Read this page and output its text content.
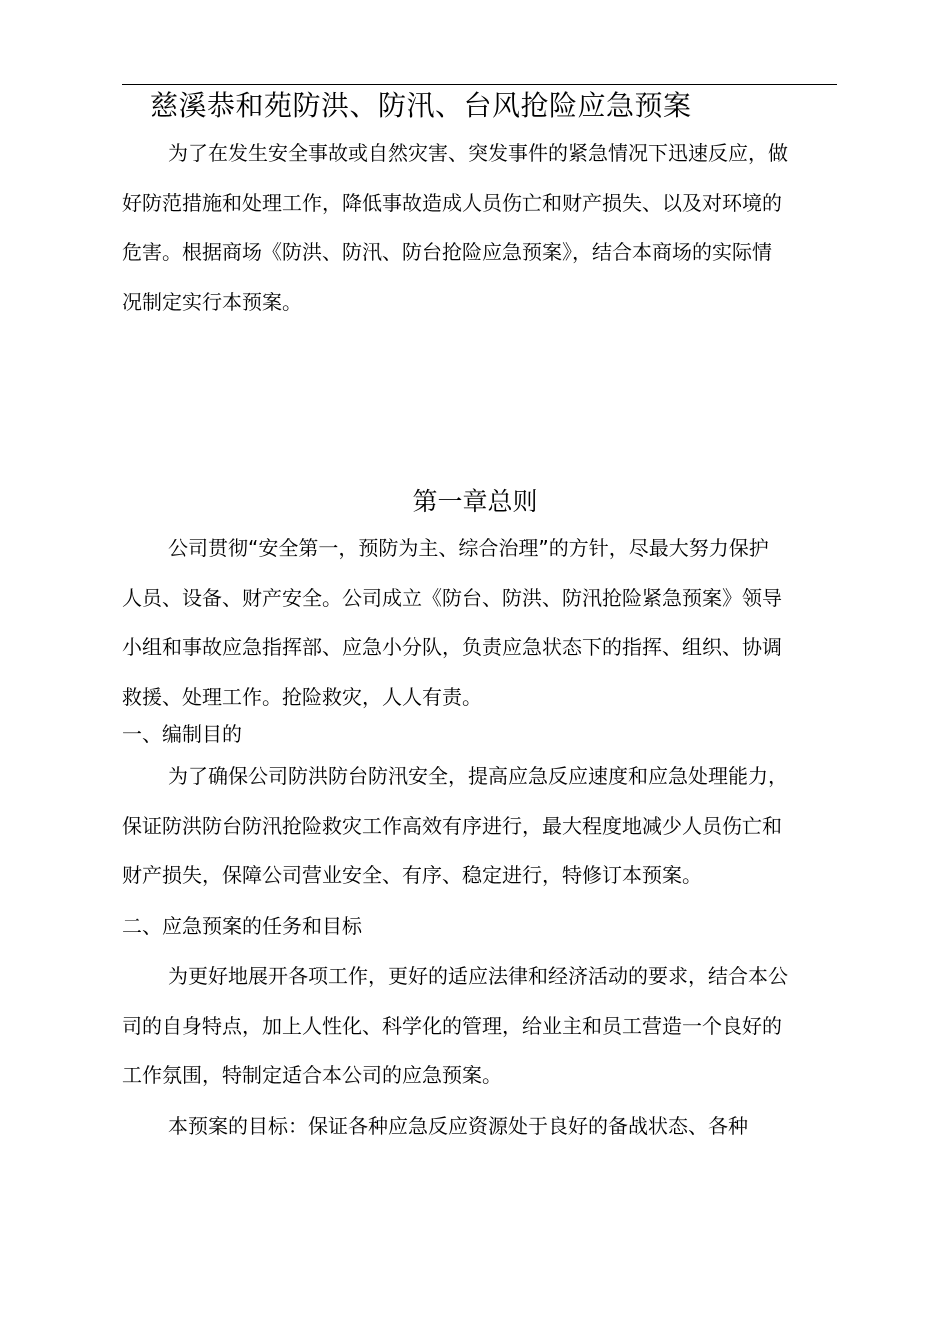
慈溪恭和苑防洪、防汛、台风抢险应急预案
为了在发生安全事故或自然灾害、突发事件的紧急情况下迅速反应，做
好防范措施和处理工作，降低事故造成人员伤亡和财产损失、以及对环境的
危害。根据商场《防洪、防汛、防台抢险应急预案》，结合本商场的实际情
况制定实行本预案。
第一章总则
公司贯彻“安全第一，预防为主、综合治理”的方针，尽最大努力保护
人员、设备、财产安全。公司成立《防台、防洪、防汛抢险紧急预案》领导
小组和事故应急指挥部、应急小分队，负责应急状态下的指挥、组织、协调
救援、处理工作。抢险救灾，人人有责。
一、编制目的
为了确保公司防洪防台防汛安全，提高应急反应速度和应急处理能力，
保证防洪防台防汛抢险救灾工作高效有序进行，最大程度地减少人员伤亡和
财产损失，保障公司营业安全、有序、稳定进行，特修订本预案。
二、应急预案的任务和目标
为更好地展开各项工作，更好的适应法律和经济活动的要求，结合本公
司的自身特点，加上人性化、科学化的管理，给业主和员工营造一个良好的
工作氛围，特制定适合本公司的应急预案。
本预案的目标：保证各种应急反应资源处于良好的备战状态、各种
